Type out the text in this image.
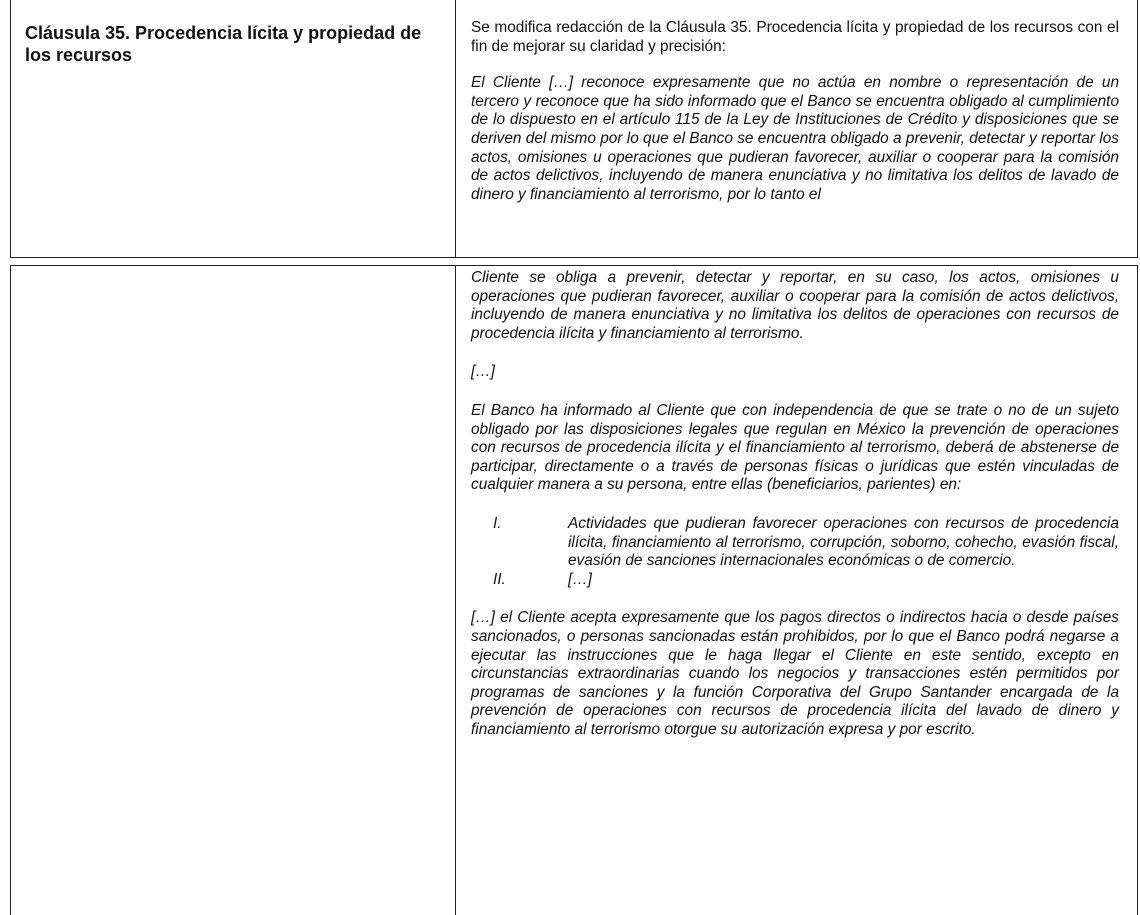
Cláusula 35. Procedencia lícita y propiedad de los recursos

Se modifica redacción de la Cláusula 35. Procedencia lícita y propiedad de los recursos con el fin de mejorar su claridad y precisión:

El Cliente […] reconoce expresamente que no actúa en nombre o representación de un tercero y reconoce que ha sido informado que el Banco se encuentra obligado al cumplimiento de lo dispuesto en el artículo 115 de la Ley de Instituciones de Crédito y disposiciones que se deriven del mismo por lo que el Banco se encuentra obligado a prevenir, detectar y reportar los actos, omisiones u operaciones que pudieran favorecer, auxiliar o cooperar para la comisión de actos delictivos, incluyendo de manera enunciativa y no limitativa los delitos de lavado de dinero y financiamiento al terrorismo, por lo tanto el

Cliente se obliga a prevenir, detectar y reportar, en su caso, los actos, omisiones u operaciones que pudieran favorecer, auxiliar o cooperar para la comisión de actos delictivos, incluyendo de manera enunciativa y no limitativa los delitos de operaciones con recursos de procedencia ilícita y financiamiento al terrorismo.

[…]

El Banco ha informado al Cliente que con independencia de que se trate o no de un sujeto obligado por las disposiciones legales que regulan en México la prevención de operaciones con recursos de procedencia ilícita y el financiamiento al terrorismo, deberá de abstenerse de participar, directamente o a través de personas físicas o jurídicas que estén vinculadas de cualquier manera a su persona, entre ellas (beneficiarios, parientes) en:

I.	Actividades que pudieran favorecer operaciones con recursos de procedencia ilícita, financiamiento al terrorismo, corrupción, soborno, cohecho, evasión fiscal, evasión de sanciones internacionales económicas o de comercio.
II.	[…]

[…] el Cliente acepta expresamente que los pagos directos o indirectos hacia o desde países sancionados, o personas sancionadas están prohibidos, por lo que el Banco podrá negarse a ejecutar las instrucciones que le haga llegar el Cliente en este sentido, excepto en circunstancias extraordinarias cuando los negocios y transacciones estén permitidos por programas de sanciones y la función Corporativa del Grupo Santander encargada de la prevención de operaciones con recursos de procedencia ilícita del lavado de dinero y financiamiento al terrorismo otorgue su autorización expresa y por escrito.
